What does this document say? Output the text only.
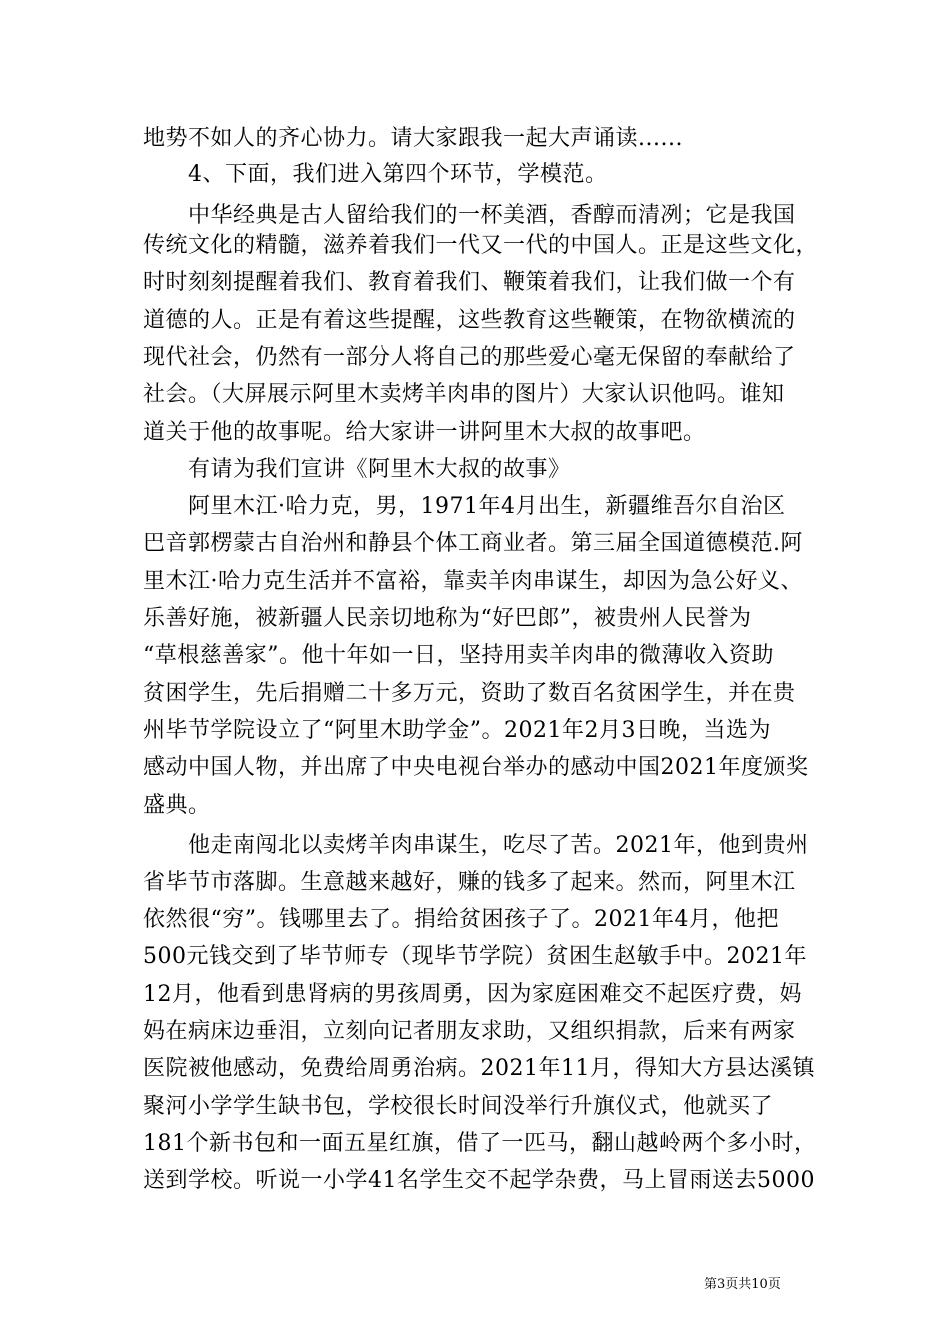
地势不如人的齐心协力。请大家跟我一起大声诵读......
4、下面，我们进入第四个环节，学模范。
中华经典是古人留给我们的一杯美酒，香醇而清冽；它是我国
传统文化的精髓，滋养着我们一代又一代的中国人。正是这些文化，
时时刻刻提醒着我们、教育着我们、鞭策着我们，让我们做一个有
道德的人。正是有着这些提醒，这些教育这些鞭策，在物欲横流的
现代社会，仍然有一部分人将自己的那些爱心毫无保留的奉献给了
社会。（大屏展示阿里木卖烤羊肉串的图片）大家认识他吗。谁知
道关于他的故事呢。给大家讲一讲阿里木大叔的故事吧。
有请为我们宣讲《阿里木大叔的故事》
阿里木江·哈力克，男，1971年4月出生，新疆维吾尔自治区
巴音郭楞蒙古自治州和静县个体工商业者。第三届全国道德模范.阿
里木江·哈力克生活并不富裕，靠卖羊肉串谋生，却因为急公好义、
乐善好施，被新疆人民亲切地称为“好巴郎”，被贵州人民誉为
“草根慈善家”。他十年如一日，坚持用卖羊肉串的微薄收入资助
贫困学生，先后捐赠二十多万元，资助了数百名贫困学生，并在贵
州毕节学院设立了“阿里木助学金”。2021年2月3日晚，当选为
感动中国人物，并出席了中央电视台举办的感动中国2021年度颁奖
盛典。
他走南闯北以卖烤羊肉串谋生，吃尽了苦。2021年，他到贵州
省毕节市落脚。生意越来越好，赚的钱多了起来。然而，阿里木江
依然很“穷”。钱哪里去了。捐给贫困孩子了。2021年4月，他把
500元钱交到了毕节师专（现毕节学院）贫困生赵敏手中。2021年
12月，他看到患肾病的男孩周勇，因为家庭困难交不起医疗费，妈
妈在病床边垂泪，立刻向记者朋友求助，又组织捐款，后来有两家
医院被他感动，免费给周勇治病。2021年11月，得知大方县达溪镇
聚河小学学生缺书包，学校很长时间没举行升旗仪式，他就买了
181个新书包和一面五星红旗，借了一匹马，翻山越岭两个多小时，
送到学校。听说一小学41名学生交不起学杂费，马上冒雨送去5000
第3页共10页
